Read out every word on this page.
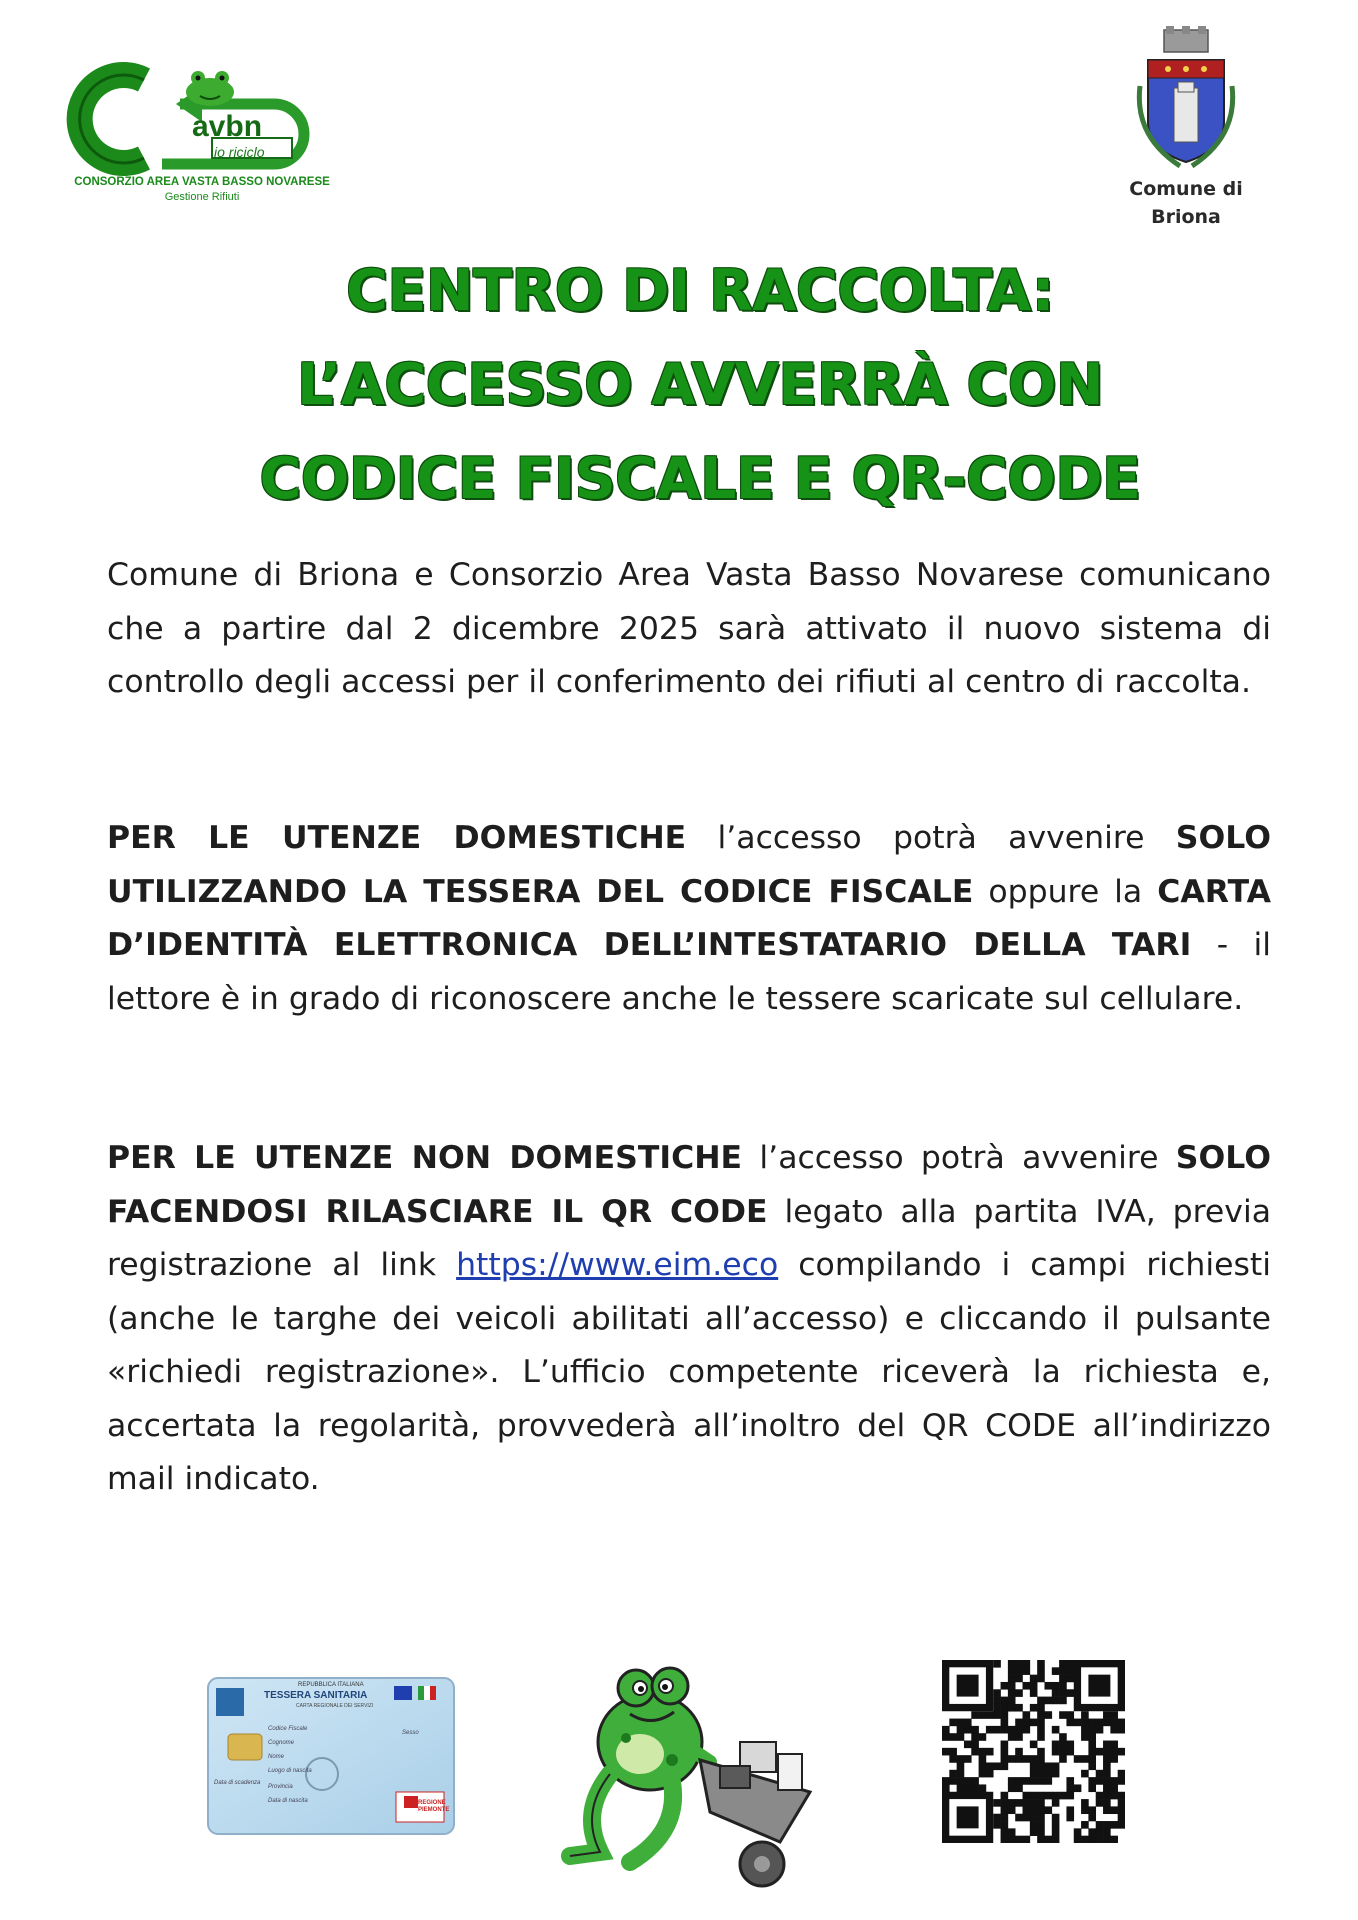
avbn
io riciclo
CONSORZIO AREA VASTA BASSO NOVARESE
Gestione Rifiuti	Comune di
Briona
CENTRO DI RACCOLTA:
L’ACCESSO AVVERRÀ CON
CODICE FISCALE E QR-CODE

Comune di Briona e Consorzio Area Vasta Basso Novarese comunicano che a partire dal 2 dicembre 2025 sarà attivato il nuovo sistema di controllo degli accessi per il conferimento dei rifiuti al centro di raccolta.

PER LE UTENZE DOMESTICHE l’accesso potrà avvenire SOLO UTILIZZANDO LA TESSERA DEL CODICE FISCALE oppure la CARTA D’IDENTITÀ ELETTRONICA DELL’INTESTATARIO DELLA TARI - il lettore è in grado di riconoscere anche le tessere scaricate sul cellulare.

PER LE UTENZE NON DOMESTICHE l’accesso potrà avvenire SOLO FACENDOSI RILASCIARE IL QR CODE legato alla partita IVA, previa registrazione al link https://www.eim.eco compilando i campi richiesti (anche le targhe dei veicoli abilitati all’accesso) e cliccando il pulsante «richiedi registrazione». L’ufficio competente riceverà la richiesta e, accertata la regolarità, provvederà all’inoltro del QR CODE all’indirizzo mail indicato.

REPUBBLICA ITALIANA
TESSERA SANITARIA
CARTA REGIONALE DEI SERVIZI
Codice Fiscale
Cognome
Nome
Luogo di nascita
Provincia
Data di nascita
Data di scadenza
Sesso
REGIONE PIEMONTE
